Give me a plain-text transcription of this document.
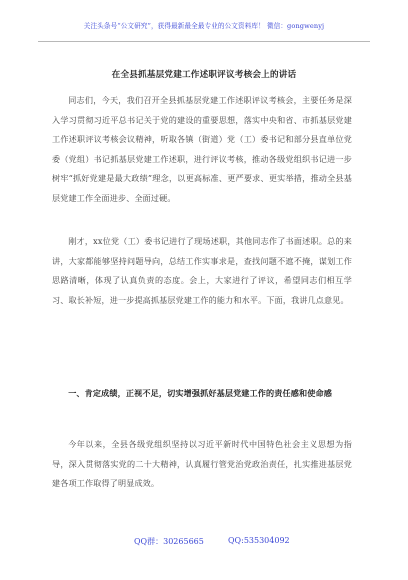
关注头条号“公文研究”，获得最新最全最专业的公文资料库！ 微信：gongwenyj
在全县抓基层党建工作述职评议考核会上的讲话

同志们，今天，我们召开全县抓基层党建工作述职评议考核会，主要任务是深入学习贯彻习近平总书记关于党的建设的重要思想，落实中央和省、市抓基层党建工作述职评议考核会议精神，听取各镇（街道）党（工）委书记和部分县直单位党委（党组）书记抓基层党建工作述职，进行评议考核，推动各级党组织书记进一步树牢“抓好党建是最大政绩”理念，以更高标准、更严要求、更实举措，推动全县基层党建工作全面进步、全面过硬。

刚才，xx位党（工）委书记进行了现场述职，其他同志作了书面述职。总的来讲，大家都能够坚持问题导向，总结工作实事求是，查找问题不遮不掩，谋划工作思路清晰，体现了认真负责的态度。会上，大家进行了评议，希望同志们相互学习、取长补短，进一步提高抓基层党建工作的能力和水平。下面，我讲几点意见。

一、肯定成绩，正视不足，切实增强抓好基层党建工作的责任感和使命感

今年以来，全县各级党组织坚持以习近平新时代中国特色社会主义思想为指导，深入贯彻落实党的二十大精神，认真履行管党治党政治责任，扎实推进基层党建各项工作取得了明显成效。

QQ群：30265665	QQ:535304092
